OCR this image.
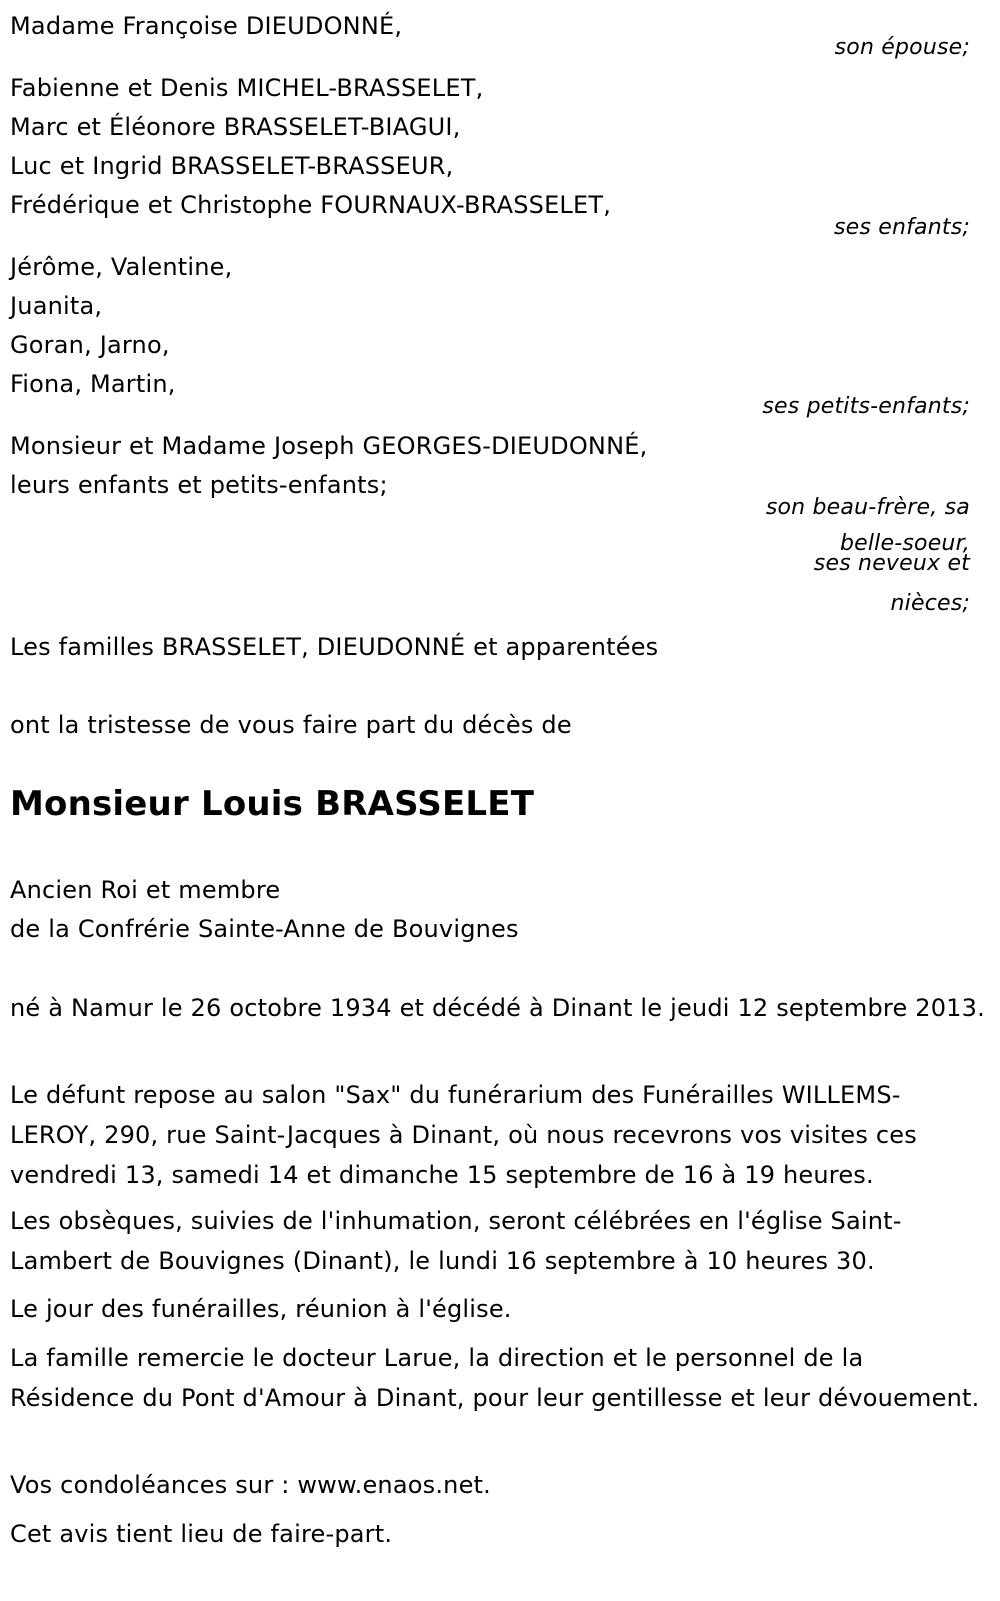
Madame Françoise DIEUDONNÉ,
son épouse;
Fabienne et Denis MICHEL-BRASSELET,
Marc et Éléonore BRASSELET-BIAGUI,
Luc et Ingrid BRASSELET-BRASSEUR,
Frédérique et Christophe FOURNAUX-BRASSELET,
ses enfants;
Jérôme, Valentine,
Juanita,
Goran, Jarno,
Fiona, Martin,
ses petits-enfants;
Monsieur et Madame Joseph GEORGES-DIEUDONNÉ,
leurs enfants et petits-enfants;
son beau-frère, sa
belle-soeur,
ses neveux et
nièces;
Les familles BRASSELET, DIEUDONNÉ et apparentées
ont la tristesse de vous faire part du décès de
Monsieur Louis BRASSELET
Ancien Roi et membre
de la Confrérie Sainte-Anne de Bouvignes
né à Namur le 26 octobre 1934 et décédé à Dinant le jeudi 12 septembre 2013.
Le défunt repose au salon "Sax" du funérarium des Funérailles WILLEMS-LEROY, 290, rue Saint-Jacques à Dinant, où nous recevrons vos visites ces vendredi 13, samedi 14 et dimanche 15 septembre de 16 à 19 heures.
Les obsèques, suivies de l'inhumation, seront célébrées en l'église Saint-Lambert de Bouvignes (Dinant), le lundi 16 septembre à 10 heures 30.
Le jour des funérailles, réunion à l'église.
La famille remercie le docteur Larue, la direction et le personnel de la Résidence du Pont d'Amour à Dinant, pour leur gentillesse et leur dévouement.
Vos condoléances sur : www.enaos.net.
Cet avis tient lieu de faire-part.
